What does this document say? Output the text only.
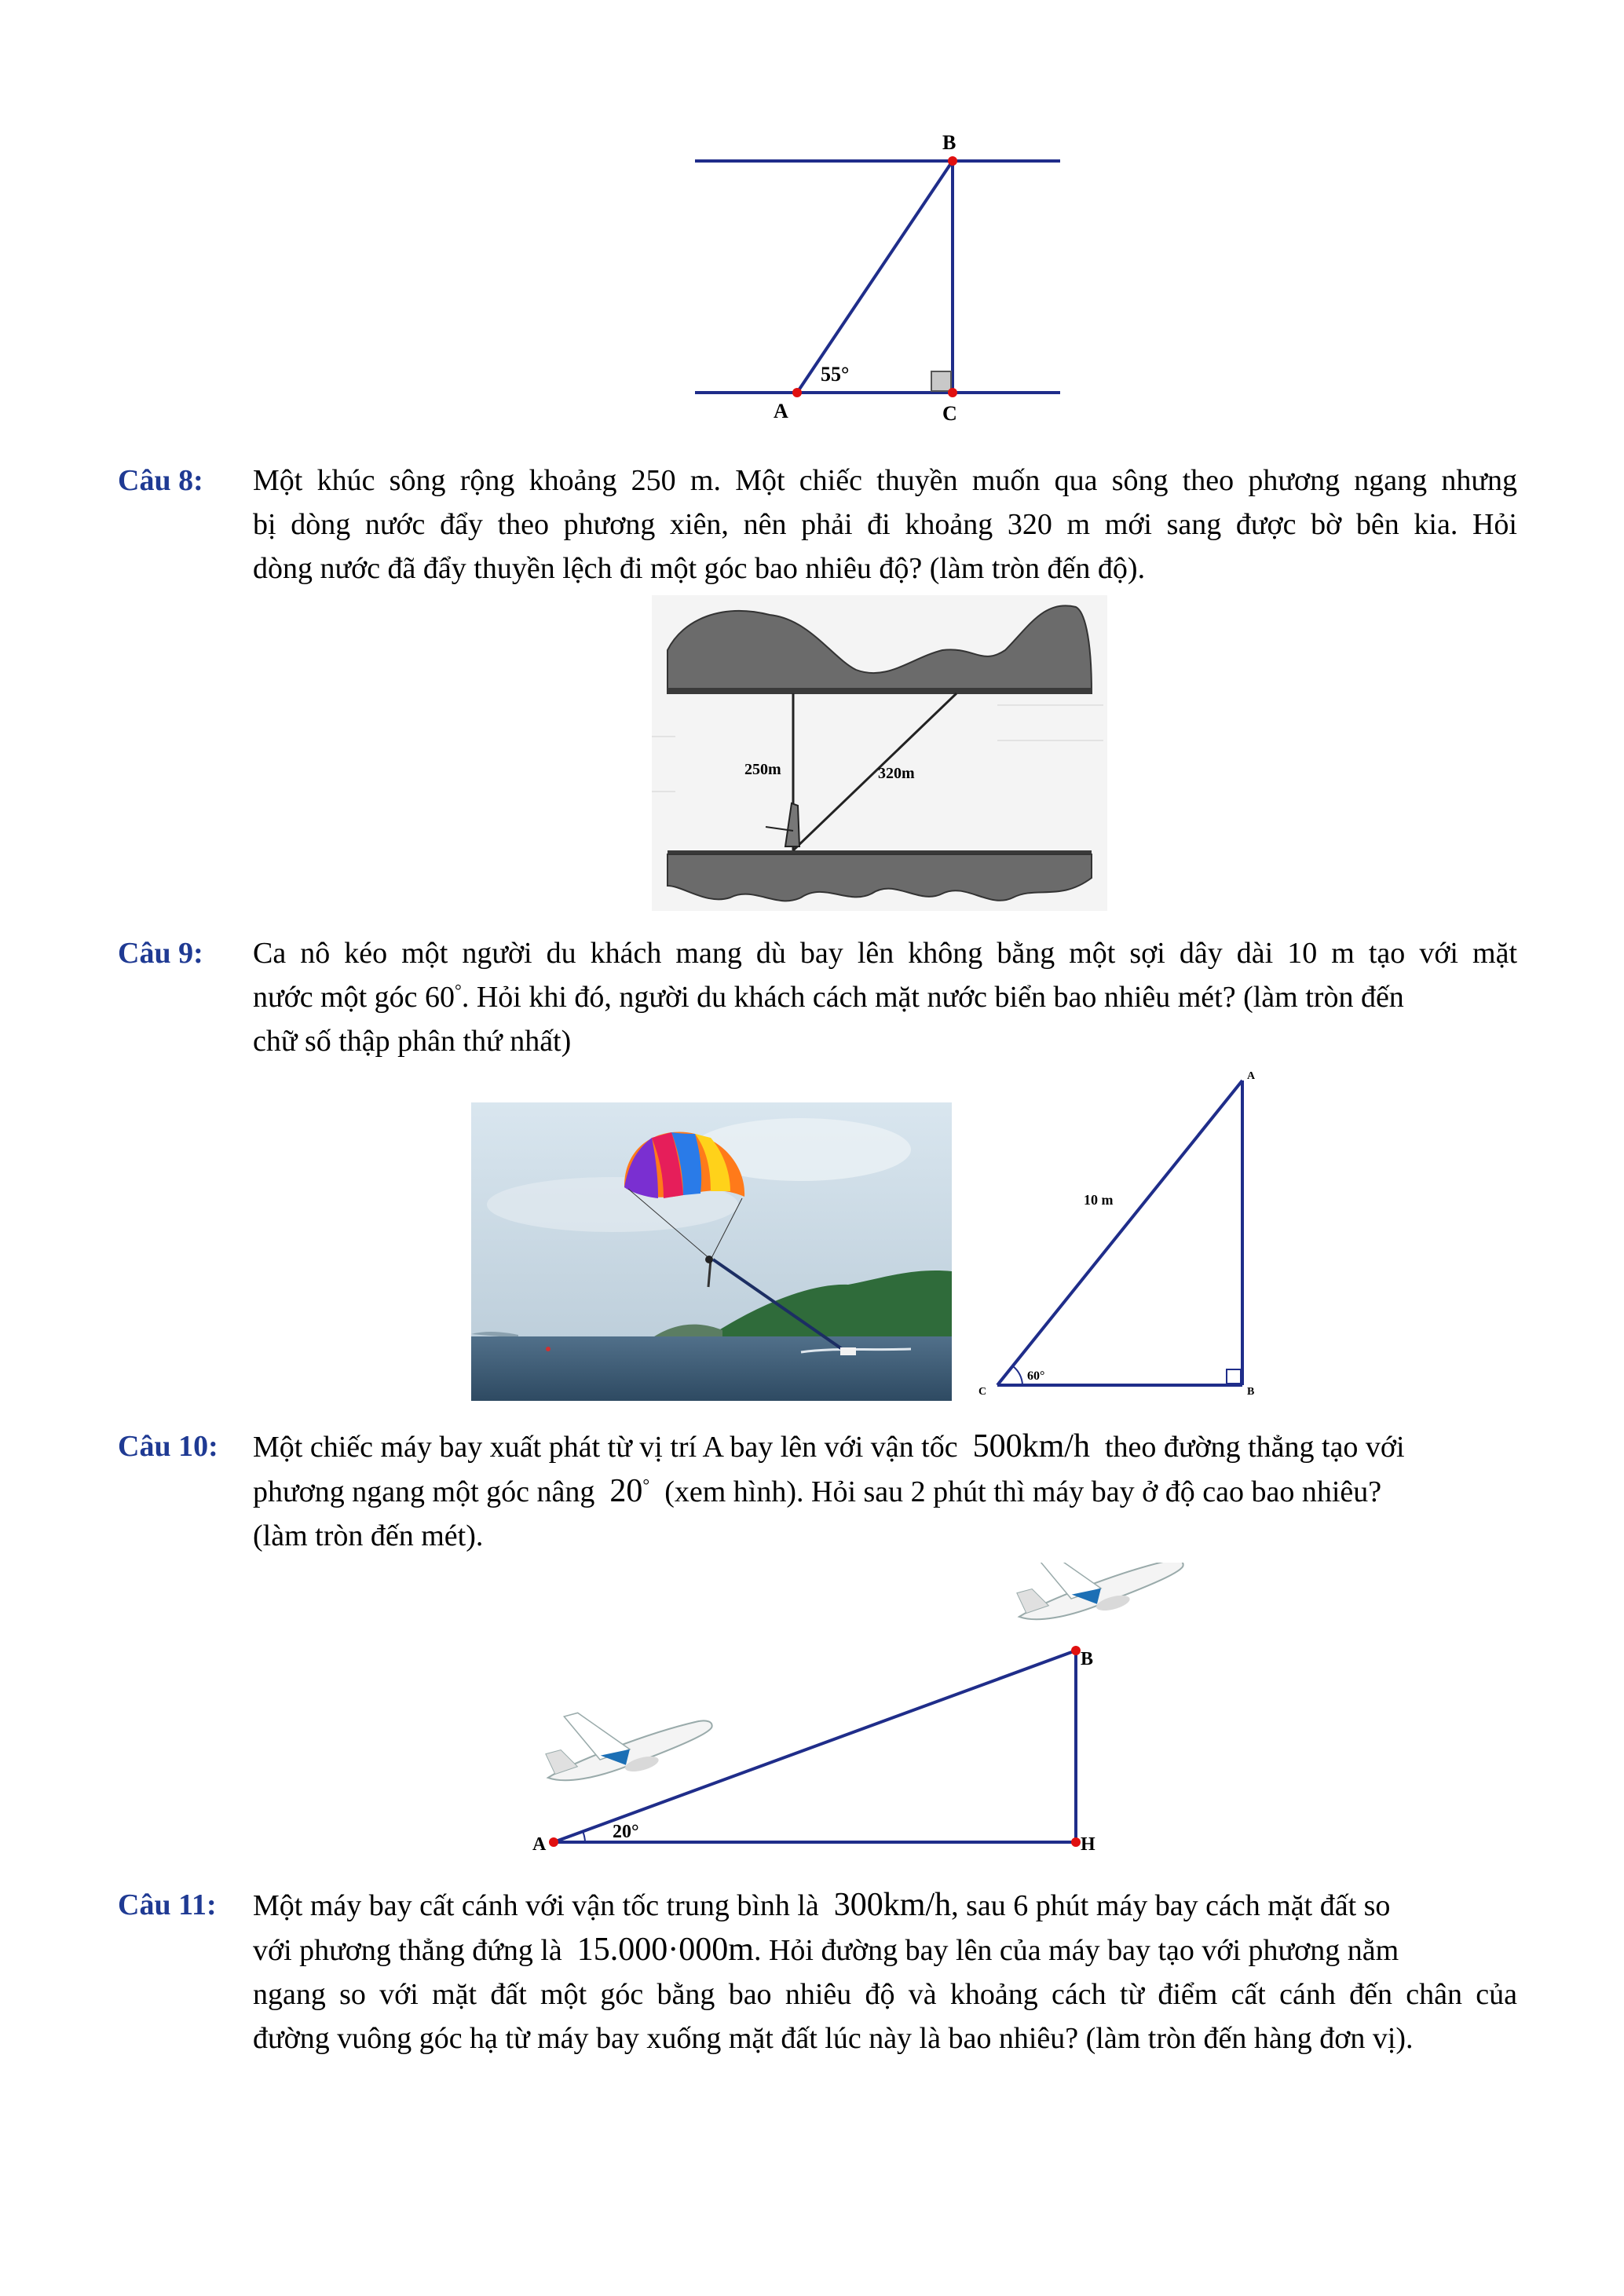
B
A	C
55°
Câu 8: Một khúc sông rộng khoảng 250 m. Một chiếc thuyền muốn qua sông theo phương ngang nhưng
bị dòng nước đẩy theo phương xiên, nên phải đi khoảng 320 m mới sang được bờ bên kia. Hỏi
dòng nước đã đẩy thuyền lệch đi một góc bao nhiêu độ? (làm tròn đến độ).
250m	320m
Câu 9: Ca nô kéo một người du khách mang dù bay lên không bằng một sợi dây dài 10 m tạo với mặt
nước một góc 60°. Hỏi khi đó, người du khách cách mặt nước biển bao nhiêu mét? (làm tròn đến
chữ số thập phân thứ nhất)
A
B
C
10 m
60°
Câu 10: Một chiếc máy bay xuất phát từ vị trí A bay lên với vận tốc 500km/h theo đường thẳng tạo với
phương ngang một góc nâng 20° (xem hình). Hỏi sau 2 phút thì máy bay ở độ cao bao nhiêu?
(làm tròn đến mét).
A
B
H
20°
Câu 11: Một máy bay cất cánh với vận tốc trung bình là 300km/h, sau 6 phút máy bay cách mặt đất so
với phương thẳng đứng là 15.000·000m. Hỏi đường bay lên của máy bay tạo với phương nằm
ngang so với mặt đất một góc bằng bao nhiêu độ và khoảng cách từ điểm cất cánh đến chân của
đường vuông góc hạ từ máy bay xuống mặt đất lúc này là bao nhiêu? (làm tròn đến hàng đơn vị).
